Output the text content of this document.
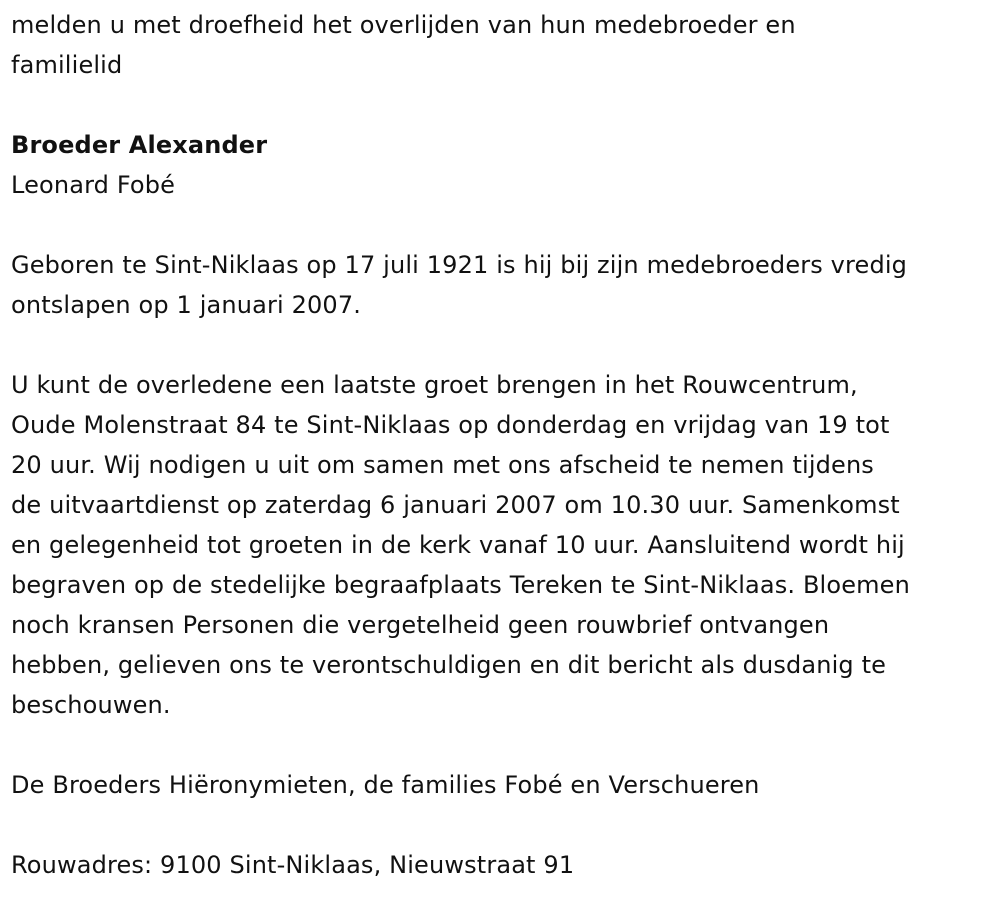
melden u met droefheid het overlijden van hun medebroeder en
familielid
Broeder Alexander
Leonard Fobé
Geboren te Sint-Niklaas op 17 juli 1921 is hij bij zijn medebroeders vredig
ontslapen op 1 januari 2007.
U kunt de overledene een laatste groet brengen in het Rouwcentrum,
Oude Molenstraat 84 te Sint-Niklaas op donderdag en vrijdag van 19 tot
20 uur. Wij nodigen u uit om samen met ons afscheid te nemen tijdens
de uitvaartdienst op zaterdag 6 januari 2007 om 10.30 uur. Samenkomst
en gelegenheid tot groeten in de kerk vanaf 10 uur. Aansluitend wordt hij
begraven op de stedelijke begraafplaats Tereken te Sint-Niklaas. Bloemen
noch kransen Personen die vergetelheid geen rouwbrief ontvangen
hebben, gelieven ons te verontschuldigen en dit bericht als dusdanig te
beschouwen.
De Broeders Hiëronymieten, de families Fobé en Verschueren
Rouwadres: 9100 Sint-Niklaas, Nieuwstraat 91
